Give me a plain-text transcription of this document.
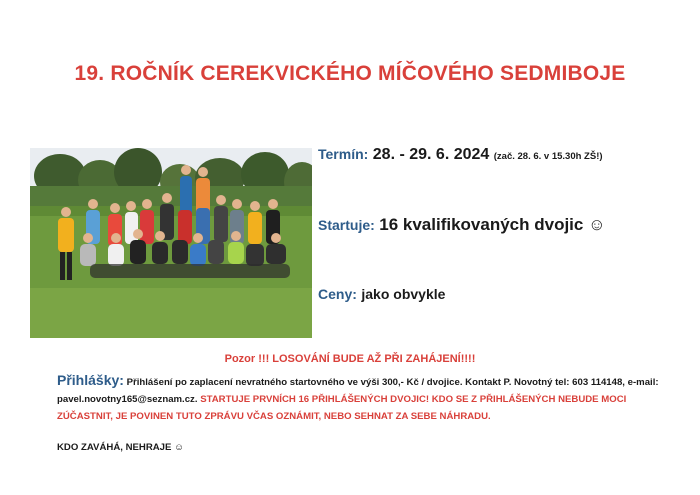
19. ROČNÍK CEREKVICKÉHO MÍČOVÉHO SEDMIBOJE
Termín: 28. - 29. 6. 2024 (zač. 28. 6. v 15.30h ZŠ!)
Startuje: 16 kvalifikovaných dvojic ☺
Ceny: jako obvykle
Pozor !!! LOSOVÁNÍ BUDE AŽ PŘI ZAHÁJENÍ!!!!
Přihlášky: Přihlášení po zaplacení nevratného startovného ve výši 300,- Kč / dvojice. Kontakt P. Novotný tel: 603 114148, e-mail: pavel.novotny165@seznam.cz. STARTUJE PRVNÍCH 16 PŘIHLÁŠENÝCH DVOJIC! KDO SE Z PŘIHLÁŠENÝCH NEBUDE MOCI ZÚČASTNIT, JE POVINEN TUTO ZPRÁVU VČAS OZNÁMIT, NEBO SEHNAT ZA SEBE NÁHRADU.
KDO ZAVÁHÁ, NEHRAJE ☺
